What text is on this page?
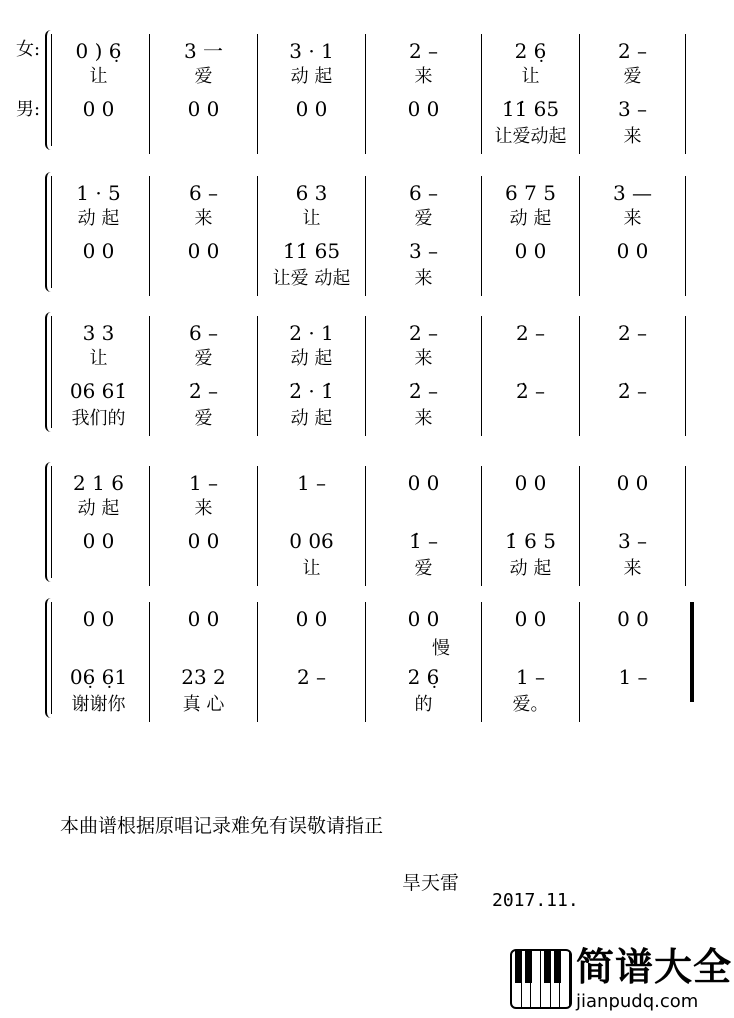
0 ) 6̣
让
0 0
3 一
爱
0 0
3 · 1
动 起
0 0
2 –
来
0 0
2 6̣
让
1̇1̇ 65
让爱动起
2 –
爱
3 –
来
1 · 5
动 起
0 0
6 –
来
0 0
6 3
让
1̇1̇ 65
让爱 动起
6 –
爱
3 –
来
6 7 5
动 起
0 0
3 —
来
0 0
3 3
让
06 61̇
我们的
6 –
爱
2̇ –
爱
2 · 1
动 起
2̇ · 1̇
动 起
2 –
来
2̇ –
来
2 –
2̇ –
2 –
2̇ –
2 1 6
动 起
0 0
1 –
来
0 0
1 –
0 06
让
0 0
1̇ –
爱
0 0
1̇ 6 5
动 起
0 0
3 –
来
0 0
06̣ 6̣1
谢谢你
0 0
23 2
真 心
0 0
2 –
0 0
2 6̣
的
0 0
1 –
爱。
0 0
1 –
女:
男:
慢
本曲谱根据原唱记录难免有误敬请指正
旱天雷
2017.11.
简谱大全
jianpudq.com
